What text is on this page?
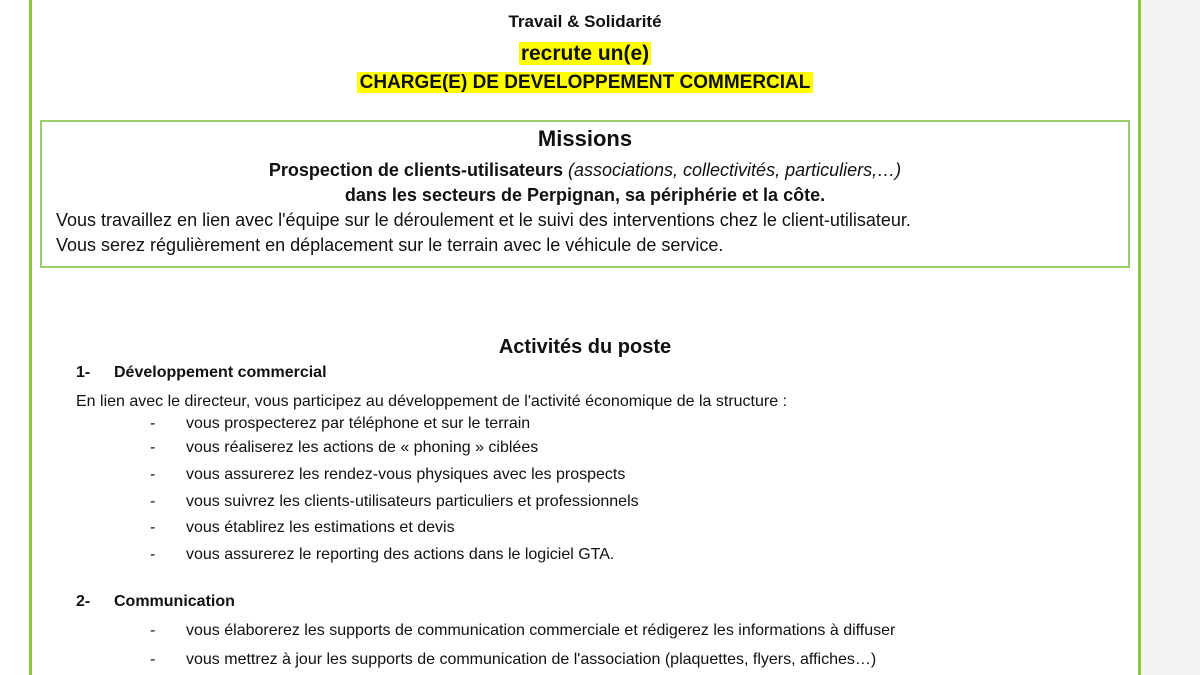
Travail & Solidarité
recrute un(e)
CHARGE(E) DE DEVELOPPEMENT COMMERCIAL
Missions
Prospection de clients-utilisateurs (associations, collectivités, particuliers,…)
dans les secteurs de Perpignan, sa périphérie et la côte.
Vous travaillez en lien avec l'équipe sur le déroulement et le suivi des interventions chez le client-utilisateur.
Vous serez régulièrement en déplacement sur le terrain avec le véhicule de service.
Activités du poste
1- Développement commercial
En lien avec le directeur, vous participez au développement de l'activité économique de la structure :
- vous prospecterez par téléphone et sur le terrain
- vous réaliserez les actions de « phoning » ciblées
- vous assurerez les rendez-vous physiques avec les prospects
- vous suivrez les clients-utilisateurs particuliers et professionnels
- vous établirez les estimations et devis
- vous assurerez le reporting des actions dans le logiciel GTA.
2- Communication
- vous élaborerez les supports de communication commerciale et rédigerez les informations à diffuser
- vous mettrez à jour les supports de communication de l'association (plaquettes, flyers, affiches…)
